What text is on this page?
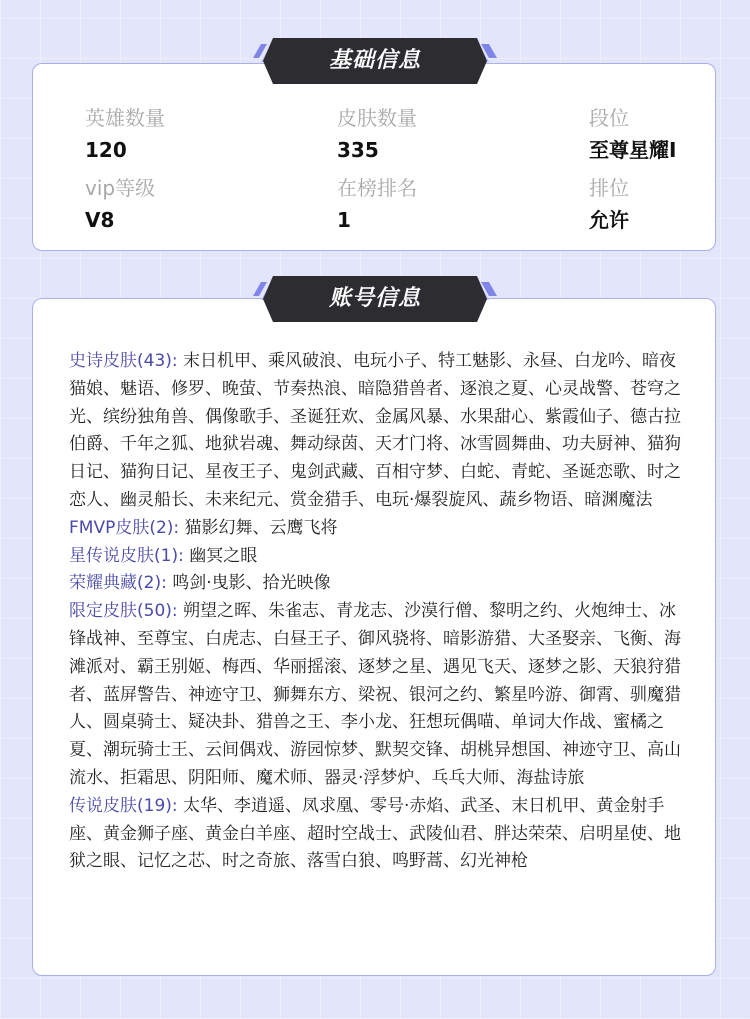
英雄数量
120
皮肤数量
335
段位
至尊星耀I
vip等级
V8
在榜排名
1
排位
允许
基础信息
史诗皮肤(43): 末日机甲、乘风破浪、电玩小子、特工魅影、永昼、白龙吟、暗夜猫娘、魅语、修罗、晚萤、节奏热浪、暗隐猎兽者、逐浪之夏、心灵战警、苍穹之光、缤纷独角兽、偶像歌手、圣诞狂欢、金属风暴、水果甜心、紫霞仙子、德古拉伯爵、千年之狐、地狱岩魂、舞动绿茵、天才门将、冰雪圆舞曲、功夫厨神、猫狗日记、猫狗日记、星夜王子、鬼剑武藏、百相守梦、白蛇、青蛇、圣诞恋歌、时之恋人、幽灵船长、未来纪元、赏金猎手、电玩·爆裂旋风、蔬乡物语、暗渊魔法
FMVP皮肤(2): 猫影幻舞、云鹰飞将
星传说皮肤(1): 幽冥之眼
荣耀典藏(2): 鸣剑·曳影、拾光映像
限定皮肤(50): 朔望之晖、朱雀志、青龙志、沙漠行僧、黎明之约、火炮绅士、冰锋战神、至尊宝、白虎志、白昼王子、御风骁将、暗影游猎、大圣娶亲、飞衡、海滩派对、霸王别姬、梅西、华丽摇滚、逐梦之星、遇见飞天、逐梦之影、天狼狩猎者、蓝屏警告、神迹守卫、狮舞东方、梁祝、银河之约、繁星吟游、御霄、驯魔猎人、圆桌骑士、疑决卦、猎兽之王、李小龙、狂想玩偶喵、单词大作战、蜜橘之夏、潮玩骑士王、云间偶戏、游园惊梦、默契交锋、胡桃异想国、神迹守卫、高山流水、拒霜思、阴阳师、魔术师、器灵·浮梦炉、乓乓大师、海盐诗旅
传说皮肤(19): 太华、李逍遥、凤求凰、零号·赤焰、武圣、末日机甲、黄金射手座、黄金狮子座、黄金白羊座、超时空战士、武陵仙君、胖达荣荣、启明星使、地狱之眼、记忆之芯、时之奇旅、落雪白狼、鸣野蒿、幻光神枪
账号信息
